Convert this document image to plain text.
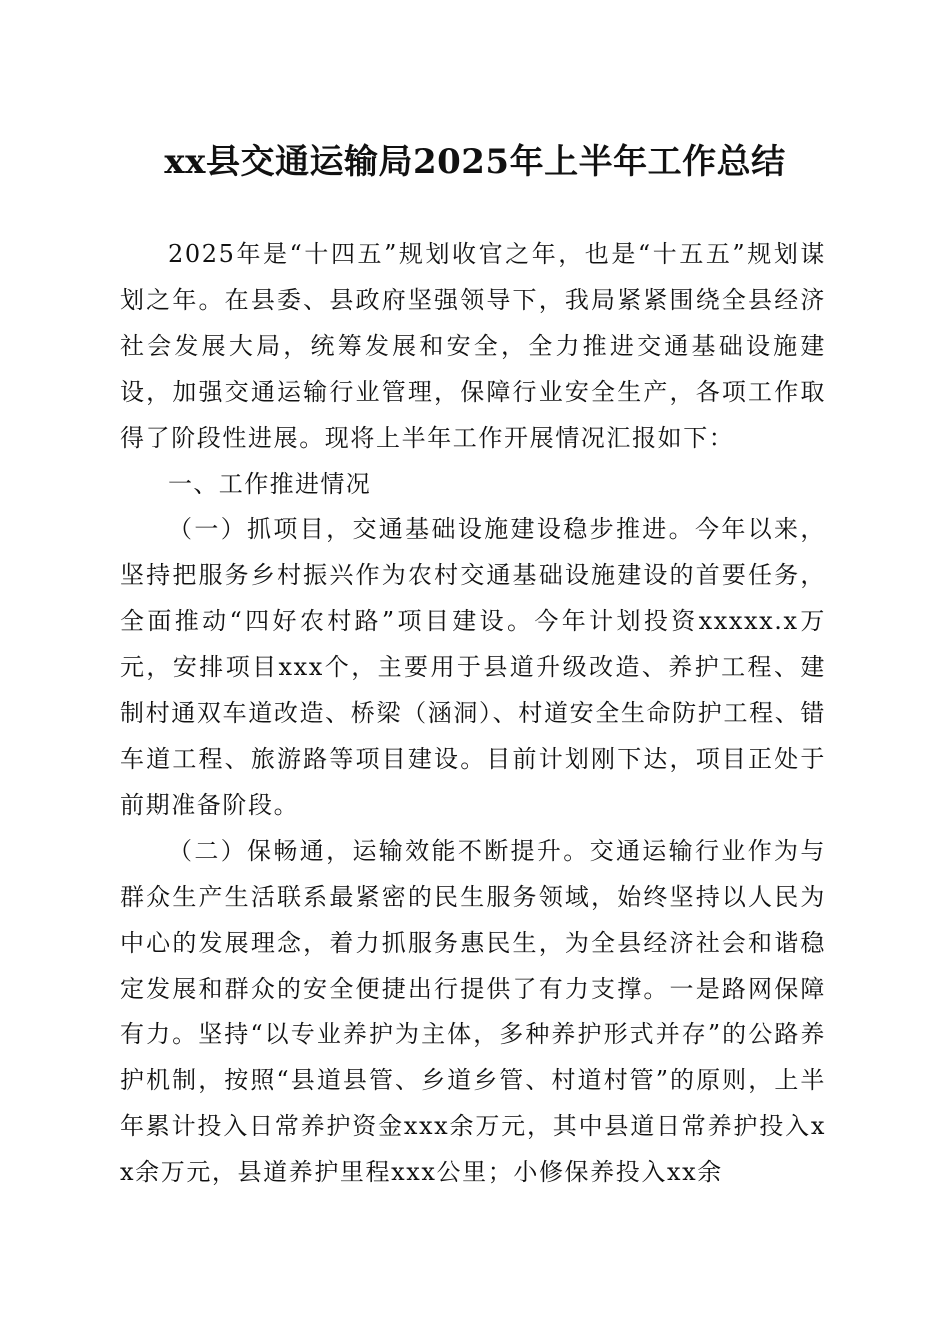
xx县交通运输局2025年上半年工作总结

2025年是“十四五”规划收官之年，也是“十五五”规划谋划之年。在县委、县政府坚强领导下，我局紧紧围绕全县经济社会发展大局，统筹发展和安全，全力推进交通基础设施建设，加强交通运输行业管理，保障行业安全生产，各项工作取得了阶段性进展。现将上半年工作开展情况汇报如下：

一、工作推进情况

（一）抓项目，交通基础设施建设稳步推进。今年以来，坚持把服务乡村振兴作为农村交通基础设施建设的首要任务，全面推动“四好农村路”项目建设。今年计划投资xxxxx.x万元，安排项目xxx个，主要用于县道升级改造、养护工程、建制村通双车道改造、桥梁（涵洞）、村道安全生命防护工程、错车道工程、旅游路等项目建设。目前计划刚下达，项目正处于前期准备阶段。

（二）保畅通，运输效能不断提升。交通运输行业作为与群众生产生活联系最紧密的民生服务领域，始终坚持以人民为中心的发展理念，着力抓服务惠民生，为全县经济社会和谐稳定发展和群众的安全便捷出行提供了有力支撑。一是路网保障有力。坚持“以专业养护为主体，多种养护形式并存”的公路养护机制，按照“县道县管、乡道乡管、村道村管”的原则，上半年累计投入日常养护资金xxx余万元，其中县道日常养护投入xx余万元，县道养护里程xxx公里；小修保养投入xx余
